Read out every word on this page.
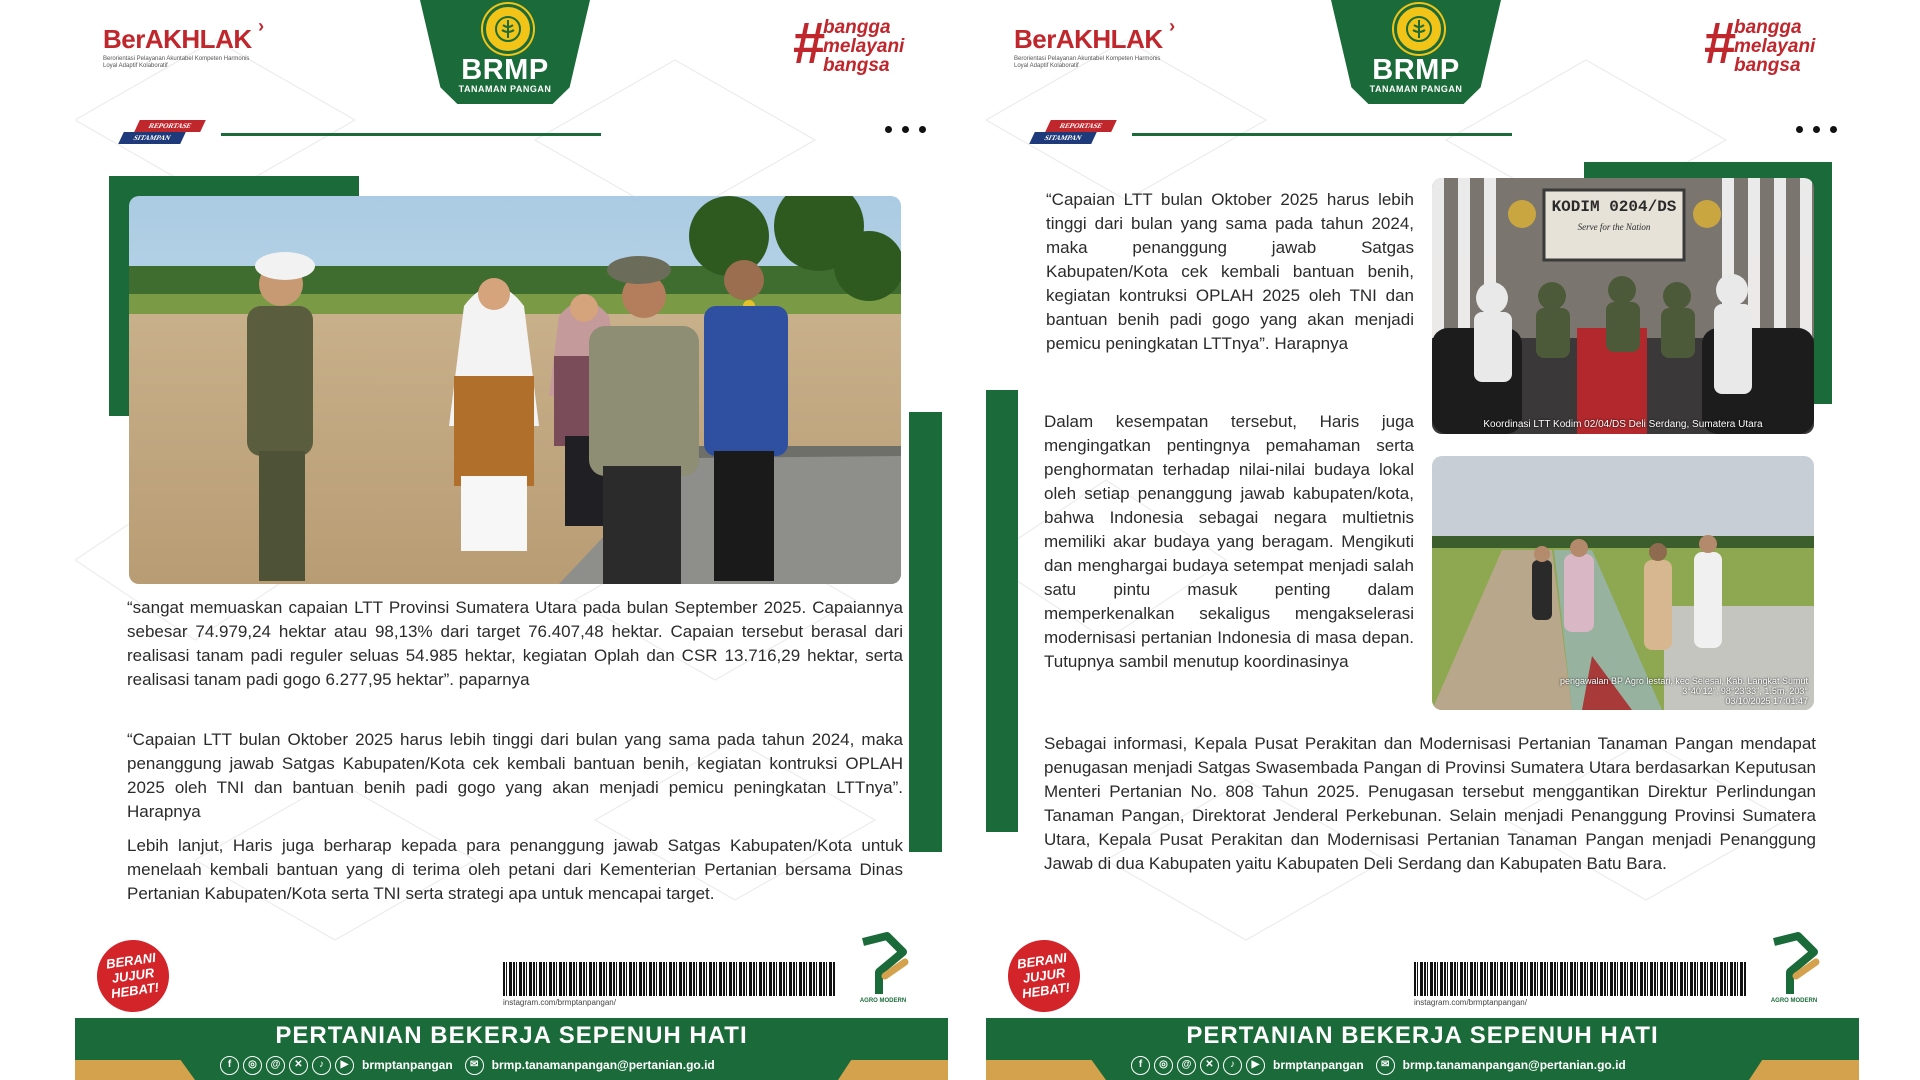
BerAKHLAK ›
Berorientasi Pelayanan Akuntabel Kompeten Harmonis Loyal Adaptif Kolaboratif	BRMP
TANAMAN PANGAN
#
bangga melayani bangsa
REPORTASE
SITAMPAN

“sangat memuaskan capaian LTT Provinsi Sumatera Utara pada bulan September 2025. Capaiannya sebesar 74.979,24 hektar atau 98,13% dari target 76.407,48 hektar. Capaian tersebut berasal dari realisasi tanam padi reguler seluas 54.985 hektar, kegiatan Oplah dan CSR 13.716,29 hektar, serta realisasi tanam padi gogo 6.277,95 hektar”. paparnya

“Capaian LTT bulan Oktober 2025 harus lebih tinggi dari bulan yang sama pada tahun 2024, maka penanggung jawab Satgas Kabupaten/Kota cek kembali bantuan benih, kegiatan kontruksi OPLAH 2025 oleh TNI dan bantuan benih padi gogo yang akan menjadi pemicu peningkatan LTTnya”. Harapnya

Lebih lanjut, Haris juga berharap kepada para penanggung jawab Satgas Kabupaten/Kota untuk menelaah kembali bantuan yang di terima oleh petani dari Kementerian Pertanian bersama Dinas Pertanian Kabupaten/Kota serta TNI serta strategi apa untuk mencapai target.

BERANI
JUJUR
HEBAT!
instagram.com/brmptanpangan/	AGRO MODERN
PERTANIAN BEKERJA SEPENUH HATI
f	◎	@	✕	♪	▶	brmptanpangan	✉	brmp.tanamanpangan@pertanian.go.id
BerAKHLAK ›
Berorientasi Pelayanan Akuntabel Kompeten Harmonis Loyal Adaptif Kolaboratif	BRMP
TANAMAN PANGAN
#
bangga melayani bangsa
REPORTASE
SITAMPAN
KODIM 0204/DS
Serve for the Nation
Koordinasi LTT Kodim 02/04/DS Deli Serdang, Sumatera Utara
pengawalan BP Agro lestari, kec Selesai, Kab. Langkat Sumut
3°40'12", 98°23'33", 1.5m, 203°
03/10/2025 17:01:47

“Capaian LTT bulan Oktober 2025 harus lebih tinggi dari bulan yang sama pada tahun 2024, maka penanggung jawab Satgas Kabupaten/Kota cek kembali bantuan benih, kegiatan kontruksi OPLAH 2025 oleh TNI dan bantuan benih padi gogo yang akan menjadi pemicu peningkatan LTTnya”. Harapnya

Dalam kesempatan tersebut, Haris juga mengingatkan pentingnya pemahaman serta penghormatan terhadap nilai-nilai budaya lokal oleh setiap penanggung jawab kabupaten/kota, bahwa Indonesia sebagai negara multietnis memiliki akar budaya yang beragam. Mengikuti dan menghargai budaya setempat menjadi salah satu pintu masuk penting dalam memperkenalkan sekaligus mengakselerasi modernisasi pertanian Indonesia di masa depan. Tutupnya sambil menutup koordinasinya

Sebagai informasi, Kepala Pusat Perakitan dan Modernisasi Pertanian Tanaman Pangan mendapat penugasan menjadi Satgas Swasembada Pangan di Provinsi Sumatera Utara berdasarkan Keputusan Menteri Pertanian No. 808 Tahun 2025. Penugasan tersebut menggantikan Direktur Perlindungan Tanaman Pangan, Direktorat Jenderal Perkebunan. Selain menjadi Penanggung Provinsi Sumatera Utara, Kepala Pusat Perakitan dan Modernisasi Pertanian Tanaman Pangan menjadi Penanggung Jawab di dua Kabupaten yaitu Kabupaten Deli Serdang dan Kabupaten Batu Bara.

BERANI
JUJUR
HEBAT!
instagram.com/brmptanpangan/	AGRO MODERN
PERTANIAN BEKERJA SEPENUH HATI
f	◎	@	✕	♪	▶	brmptanpangan	✉	brmp.tanamanpangan@pertanian.go.id
